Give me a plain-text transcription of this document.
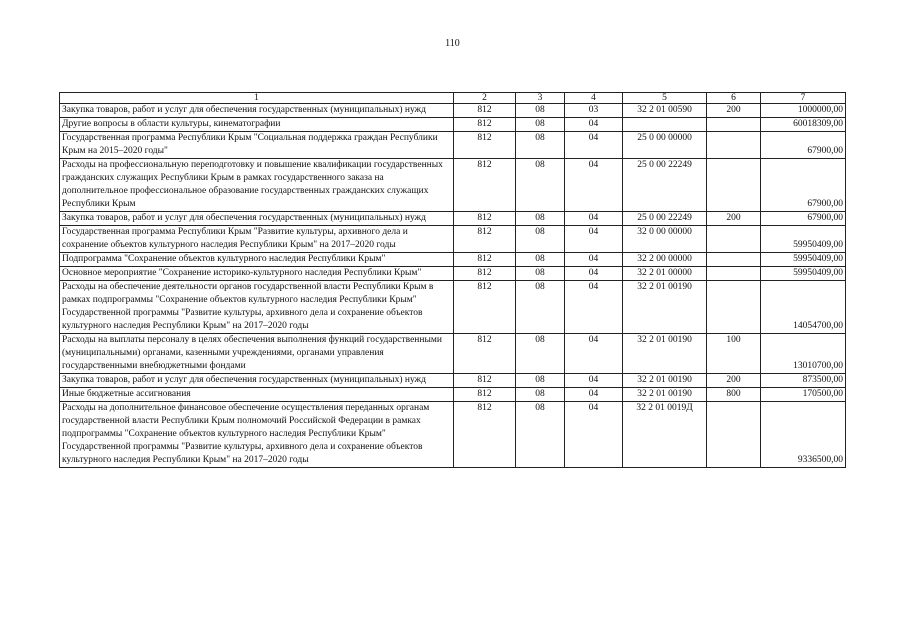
110
1	2	3	4	5	6	7
Закупка товаров, работ и услуг для обеспечения государственных (муниципальных) нужд	812	08	03	32 2 01 00590	200	1000000,00
Другие вопросы в области культуры, кинематографии	812	08	04			60018309,00
Государственная программа Республики Крым "Социальная поддержка граждан Республики Крым на 2015–2020 годы"	812	08	04	25 0 00 00000		67900,00
Расходы на профессиональную переподготовку и повышение квалификации государственных гражданских служащих Республики Крым в рамках государственного заказа на дополнительное профессиональное образование государственных гражданских служащих Республики Крым	812	08	04	25 0 00 22249		67900,00
Закупка товаров, работ и услуг для обеспечения государственных (муниципальных) нужд	812	08	04	25 0 00 22249	200	67900,00
Государственная программа Республики Крым "Развитие культуры, архивного дела и сохранение объектов культурного наследия Республики Крым" на 2017–2020 годы	812	08	04	32 0 00 00000		59950409,00
Подпрограмма "Сохранение объектов культурного наследия Республики Крым"	812	08	04	32 2 00 00000		59950409,00
Основное мероприятие "Сохранение историко-культурного наследия Республики Крым"	812	08	04	32 2 01 00000		59950409,00
Расходы на обеспечение деятельности органов государственной власти Республики Крым в рамках подпрограммы "Сохранение объектов культурного наследия Республики Крым" Государственной программы "Развитие культуры, архивного дела и сохранение объектов культурного наследия Республики Крым" на 2017–2020 годы	812	08	04	32 2 01 00190		14054700,00
Расходы на выплаты персоналу в целях обеспечения выполнения функций государственными (муниципальными) органами, казенными учреждениями, органами управления государственными внебюджетными фондами	812	08	04	32 2 01 00190	100	13010700,00
Закупка товаров, работ и услуг для обеспечения государственных (муниципальных) нужд	812	08	04	32 2 01 00190	200	873500,00
Иные бюджетные ассигнования	812	08	04	32 2 01 00190	800	170500,00
Расходы на дополнительное финансовое обеспечение осуществления переданных органам государственной власти Республики Крым полномочий Российской Федерации в рамках подпрограммы "Сохранение объектов культурного наследия Республики Крым" Государственной программы "Развитие культуры, архивного дела и сохранение объектов культурного наследия Республики Крым" на 2017–2020 годы	812	08	04	32 2 01 0019Д		9336500,00
